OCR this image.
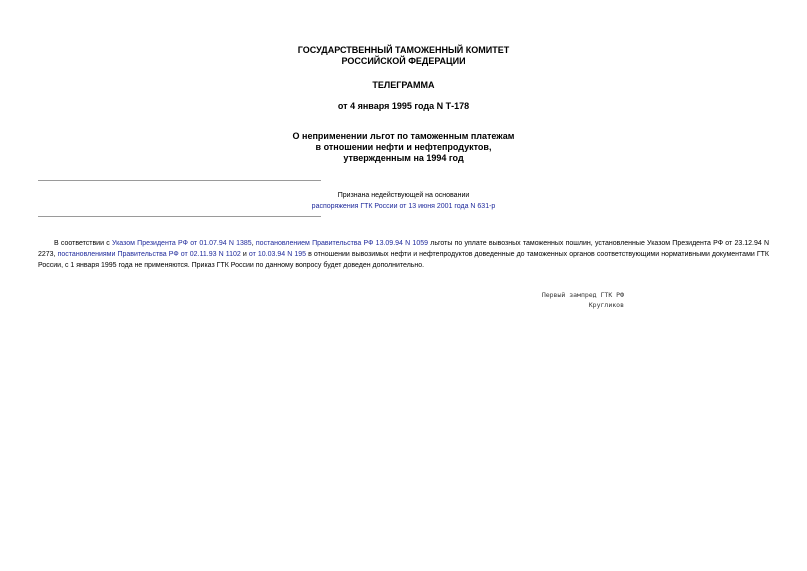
ГОСУДАРСТВЕННЫЙ ТАМОЖЕННЫЙ КОМИТЕТ
РОССИЙСКОЙ ФЕДЕРАЦИИ
ТЕЛЕГРАММА
от 4 января 1995 года N Т-178
О неприменении льгот по таможенным платежам
в отношении нефти и нефтепродуктов,
утвержденным на 1994 год
Признана недействующей на основании
распоряжения ГТК России от 13 июня 2001 года N 631-р
В соответствии с Указом Президента РФ от 01.07.94 N 1385, постановлением Правительства РФ 13.09.94 N 1059 льготы по уплате вывозных таможенных пошлин, установленные Указом Президента РФ от 23.12.94 N 2273, постановлениями Правительства РФ от 02.11.93 N 1102 и от 10.03.94 N 195 в отношении вывозимых нефти и нефтепродуктов доведенные до таможенных органов соответствующими нормативными документами ГТК России, с 1 января 1995 года не применяются. Приказ ГТК России по данному вопросу будет доведен дополнительно.
Первый зампред ГТК РФ
Кругликов
